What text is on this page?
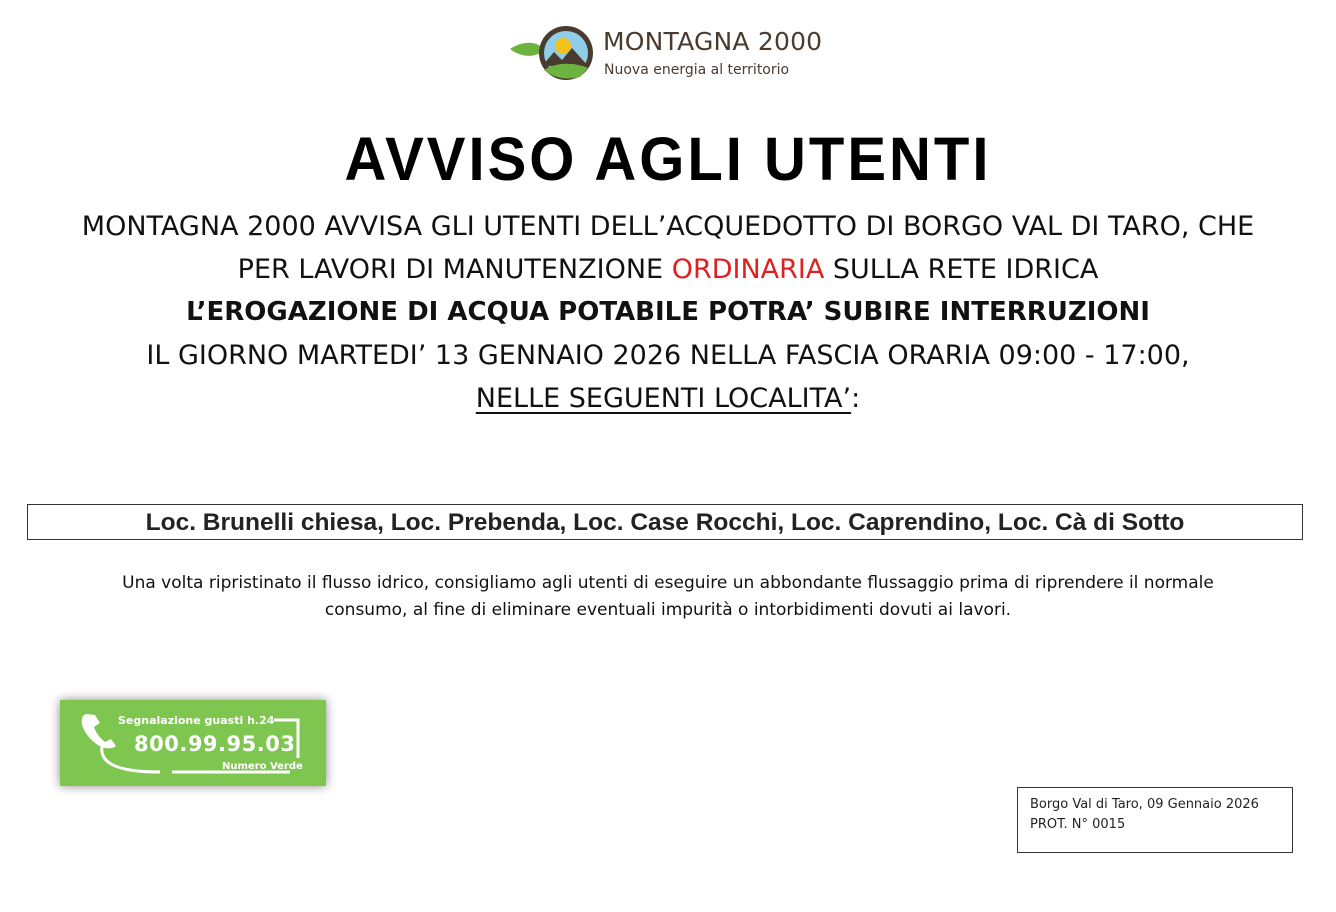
MONTAGNA 2000
Nuova energia al territorio
AVVISO AGLI UTENTI
MONTAGNA 2000 AVVISA GLI UTENTI DELL’ACQUEDOTTO DI BORGO VAL DI TARO, CHE
PER LAVORI DI MANUTENZIONE ORDINARIA SULLA RETE IDRICA
L’EROGAZIONE DI ACQUA POTABILE POTRA’ SUBIRE INTERRUZIONI
IL GIORNO MARTEDI’ 13 GENNAIO 2026 NELLA FASCIA ORARIA 09:00 - 17:00,
NELLE SEGUENTI LOCALITA’:
Loc. Brunelli chiesa, Loc. Prebenda, Loc. Case Rocchi, Loc. Caprendino, Loc. Cà di Sotto
Una volta ripristinato il flusso idrico, consigliamo agli utenti di eseguire un abbondante flussaggio prima di riprendere il normale
consumo, al fine di eliminare eventuali impurità o intorbidimenti dovuti ai lavori.
Segnalazione guasti h.24
800.99.95.03
Numero Verde
Borgo Val di Taro, 09 Gennaio 2026
PROT. N° 0015
